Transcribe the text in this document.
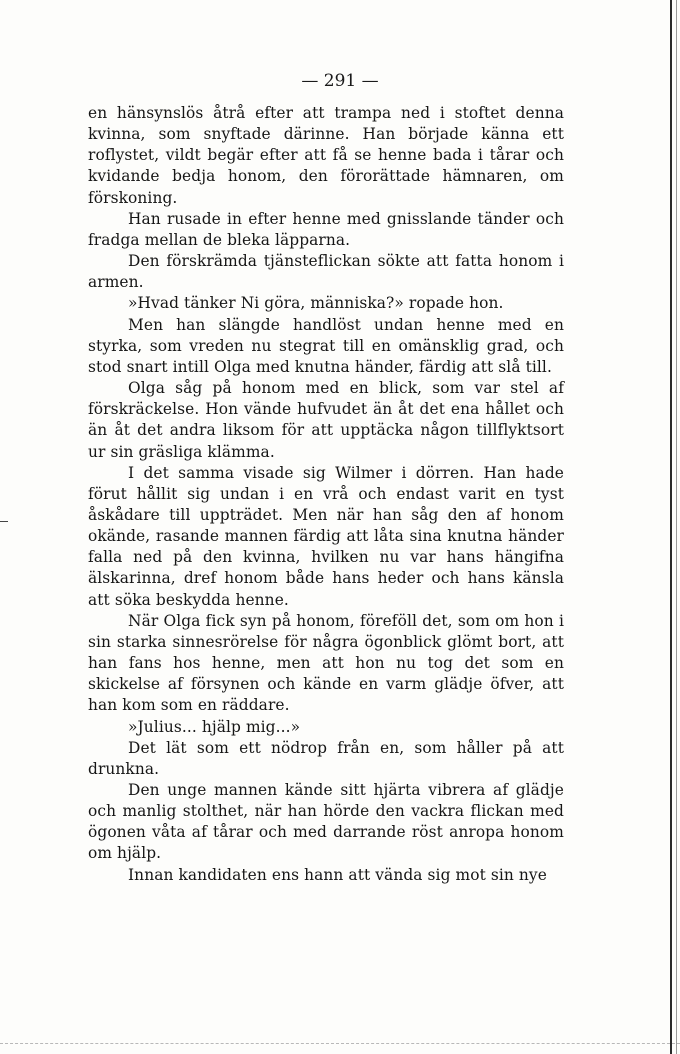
— 291 —

en hänsynslös åtrå efter att trampa ned i stoftet denna kvinna, som snyftade därinne. Han började känna ett roflystet, vildt begär efter att få se henne bada i tårar och kvidande bedja honom, den förorättade hämnaren, om förskoning.

Han rusade in efter henne med gnisslande tänder och fradga mellan de bleka läpparna.

Den förskrämda tjänsteflickan sökte att fatta honom i armen.

»Hvad tänker Ni göra, människa?» ropade hon.

Men han slängde handlöst undan henne med en styrka, som vreden nu stegrat till en omänsklig grad, och stod snart intill Olga med knutna händer, färdig att slå till.

Olga såg på honom med en blick, som var stel af förskräckelse. Hon vände hufvudet än åt det ena hållet och än åt det andra liksom för att upptäcka någon tillflyktsort ur sin gräsliga klämma.

I det samma visade sig Wilmer i dörren. Han hade förut hållit sig undan i en vrå och endast varit en tyst åskådare till uppträdet. Men när han såg den af honom okände, rasande mannen färdig att låta sina knutna händer falla ned på den kvinna, hvilken nu var hans hängifna älskarinna, dref honom både hans heder och hans känsla att söka beskydda henne.

När Olga fick syn på honom, föreföll det, som om hon i sin starka sinnesrörelse för några ögonblick glömt bort, att han fans hos henne, men att hon nu tog det som en skickelse af försynen och kände en varm glädje öfver, att han kom som en räddare.

»Julius... hjälp mig...»

Det lät som ett nödrop från en, som håller på att drunkna.

Den unge mannen kände sitt hjärta vibrera af glädje och manlig stolthet, när han hörde den vackra flickan med ögonen våta af tårar och med darrande röst anropa honom om hjälp.

Innan kandidaten ens hann att vända sig mot sin nye
